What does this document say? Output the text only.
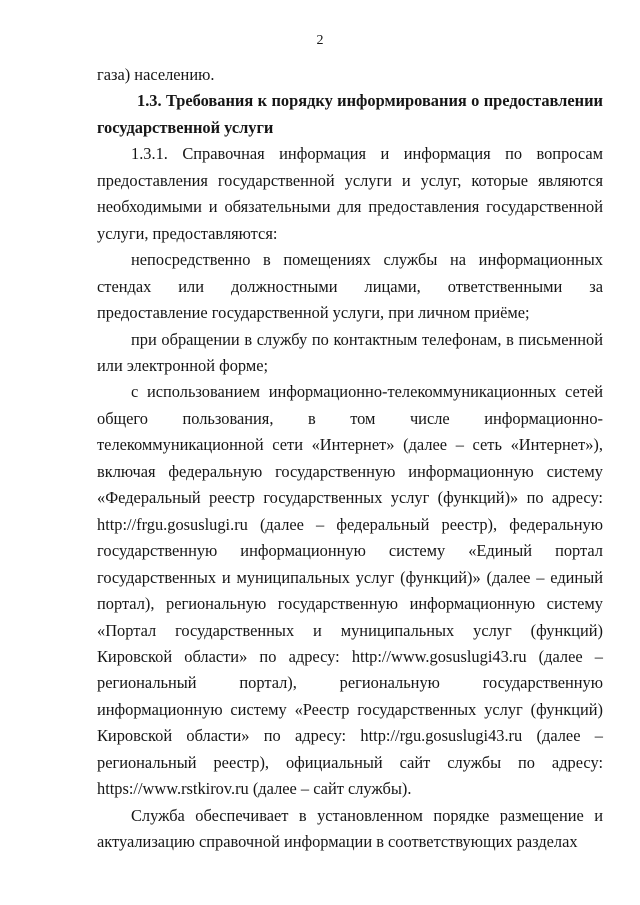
2

газа) населению.

1.3. Требования к порядку информирования о предоставлении государственной услуги

1.3.1. Справочная информация и информация по вопросам предоставления государственной услуги и услуг, которые являются необходимыми и обязательными для предоставления государственной услуги, предоставляются:

непосредственно в помещениях службы на информационных стендах или должностными лицами, ответственными за предоставление государственной услуги, при личном приёме;

при обращении в службу по контактным телефонам, в письменной или электронной форме;

с использованием информационно-телекоммуникационных сетей общего пользования, в том числе информационно-телекоммуникационной сети «Интернет» (далее – сеть «Интернет»), включая федеральную государственную информационную систему «Федеральный реестр государственных услуг (функций)» по адресу: http://frgu.gosuslugi.ru (далее – федеральный реестр), федеральную государственную информационную систему «Единый портал государственных и муниципальных услуг (функций)» (далее – единый портал), региональную государственную информационную систему «Портал государственных и муниципальных услуг (функций) Кировской области» по адресу: http://www.gosuslugi43.ru (далее – региональный портал), региональную государственную информационную систему «Реестр государственных услуг (функций) Кировской области» по адресу: http://rgu.gosuslugi43.ru (далее – региональный реестр), официальный сайт службы по адресу: https://www.rstkirov.ru (далее – сайт службы).

Служба обеспечивает в установленном порядке размещение и актуализацию справочной информации в соответствующих разделах
